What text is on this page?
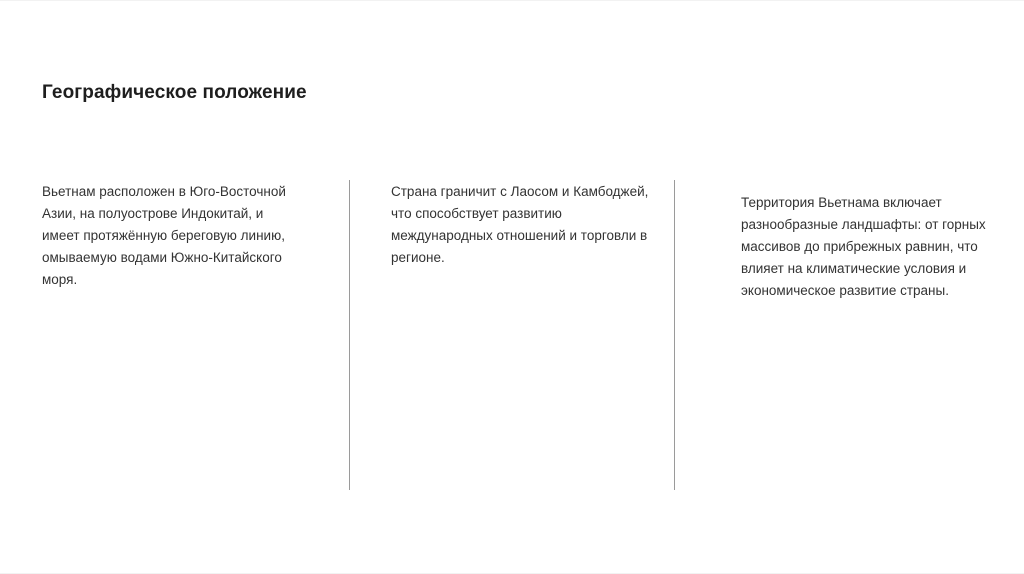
Географическое положение
Вьетнам расположен в Юго-Восточной
Азии, на полуострове Индокитай, и
имеет протяжённую береговую линию,
омываемую водами Южно-Китайского
моря.
Страна граничит с Лаосом и Камбоджей,
что способствует развитию
международных отношений и торговли в
регионе.
Территория Вьетнама включает
разнообразные ландшафты: от горных
массивов до прибрежных равнин, что
влияет на климатические условия и
экономическое развитие страны.
